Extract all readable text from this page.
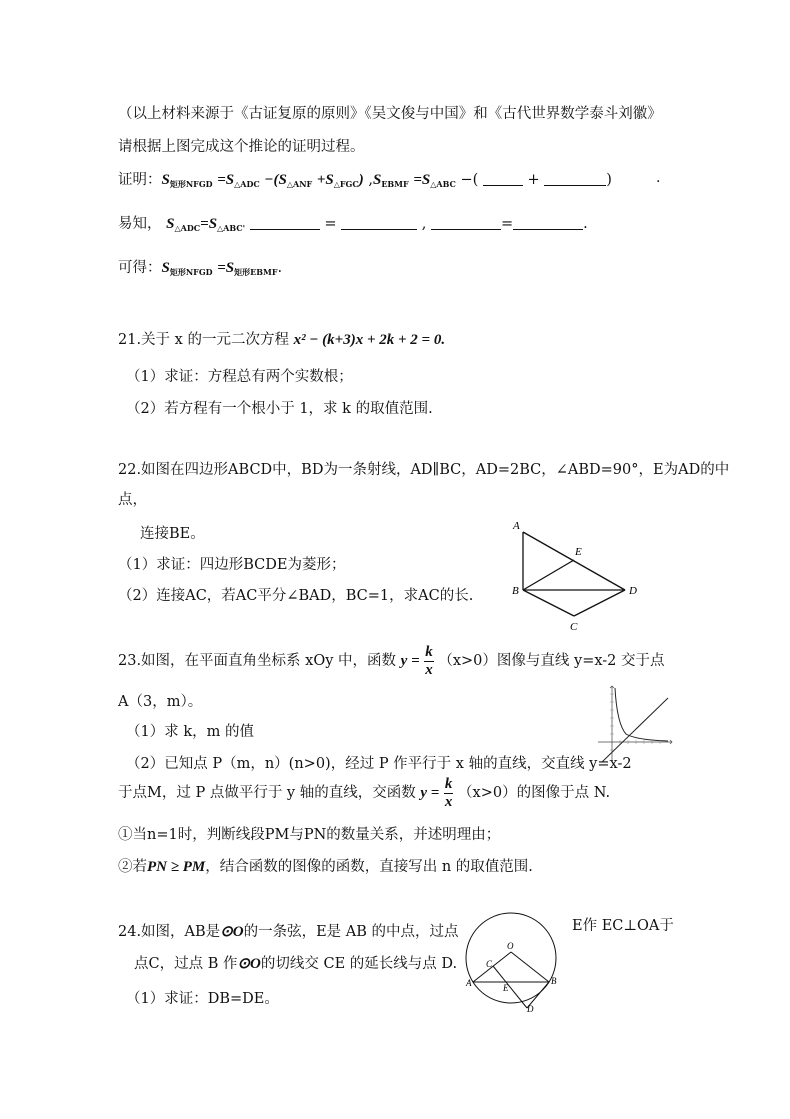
（以上材料来源于《古证复原的原则》《吴文俊与中国》和《古代世界数学泰斗刘徽》
请根据上图完成这个推论的证明过程。
证明：$S_{矩形NFGD} =S_{\triangle ADC} -(S_{\triangle ANF} +S_{\triangle FGC})$ $,S_{EBMF} =S_{\triangle ABC}$ −(	+	)	.
易知， $S_{\triangle ADC}=S_{\triangle ABC'}$	=	,	=	.
可得：$S_{矩形NFGD} =S_{矩形EBMF}$.
21.关于 x 的一元二次方程 x² − (k+3)x + 2k + 2 = 0.
（1）求证：方程总有两个实数根；
（2）若方程有一个根小于 1，求 k 的取值范围.
22.如图在四边形ABCD中，BD为一条射线，AD∥BC，AD=2BC，∠ABD=90°，E为AD的中
点，
连接BE。
（1）求证：四边形BCDE为菱形；
（2）连接AC，若AC平分∠BAD，BC=1，求AC的长.
A
E
B	D
C
23.如图，在平面直角坐标系 xOy 中，函数 $y = \frac{k}{x} (x>0)$图像与直线 y=x-2 交于点
A（3，m）。
（1）求 k，m 的值
（2）已知点 P（m，n）(n>0)，经过 P 作平行于 x 轴的直线，交直线 y=x-2
于点M，过 P 点做平行于 y 轴的直线，交函数 $y = \frac{k}{x} (x>0)$的图像于点 N.
①当n=1时，判断线段PM与PN的数量关系，并述明理由；
②若PN ≥ PM，结合函数的图像的函数，直接写出 n 的取值范围.
24.如图，AB是⊙O的一条弦，E是 AB 的中点，过点	E作 EC⊥OA于
点C，过点 B 作⊙O的切线交 CE 的延长线与点 D.
（1）求证：DB=DE。
O
C
A	E
B
D
